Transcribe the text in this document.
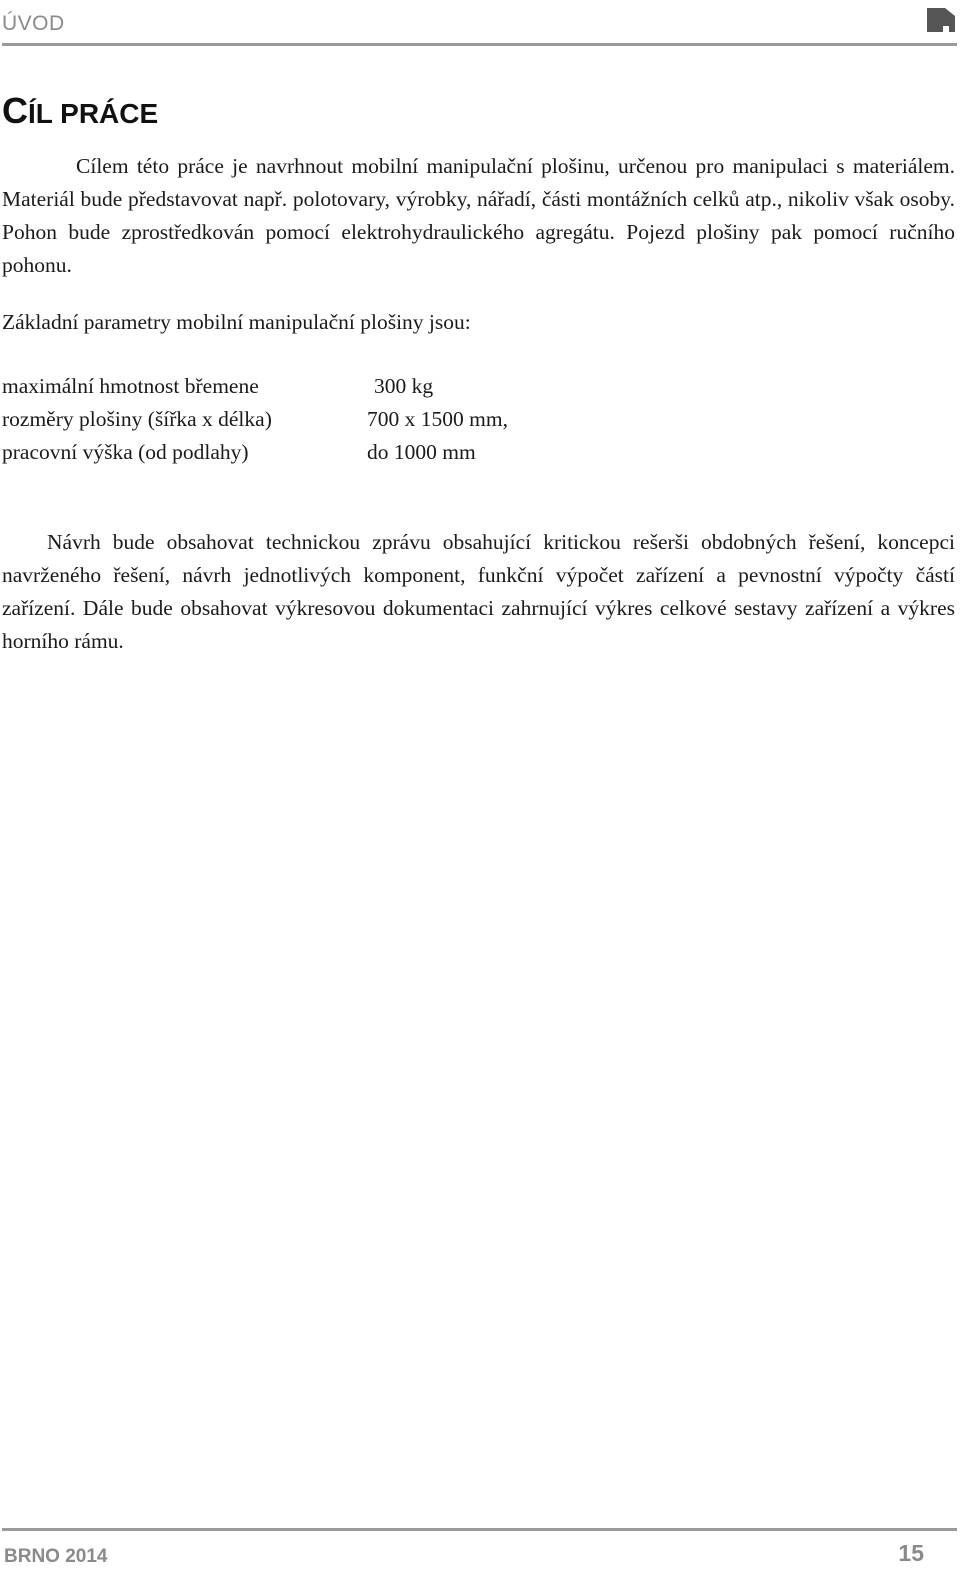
ÚVOD
CÍL PRÁCE

Cílem této práce je navrhnout mobilní manipulační plošinu, určenou pro manipulaci s materiálem. Materiál bude představovat např. polotovary, výrobky, nářadí, části montážních celků atp., nikoliv však osoby. Pohon bude zprostředkován pomocí elektrohydraulického agregátu. Pojezd plošiny pak pomocí ručního pohonu.

Základní parametry mobilní manipulační plošiny jsou:

maximální hmotnost břemene	300 kg
rozměry plošiny (šířka x délka)	700 x 1500 mm,
pracovní výška (od podlahy)	do 1000 mm

Návrh bude obsahovat technickou zprávu obsahující kritickou rešerši obdobných řešení, koncepci navrženého řešení, návrh jednotlivých komponent, funkční výpočet zařízení a pevnostní výpočty částí zařízení. Dále bude obsahovat výkresovou dokumentaci zahrnující výkres celkové sestavy zařízení a výkres horního rámu.

BRNO 2014	15
